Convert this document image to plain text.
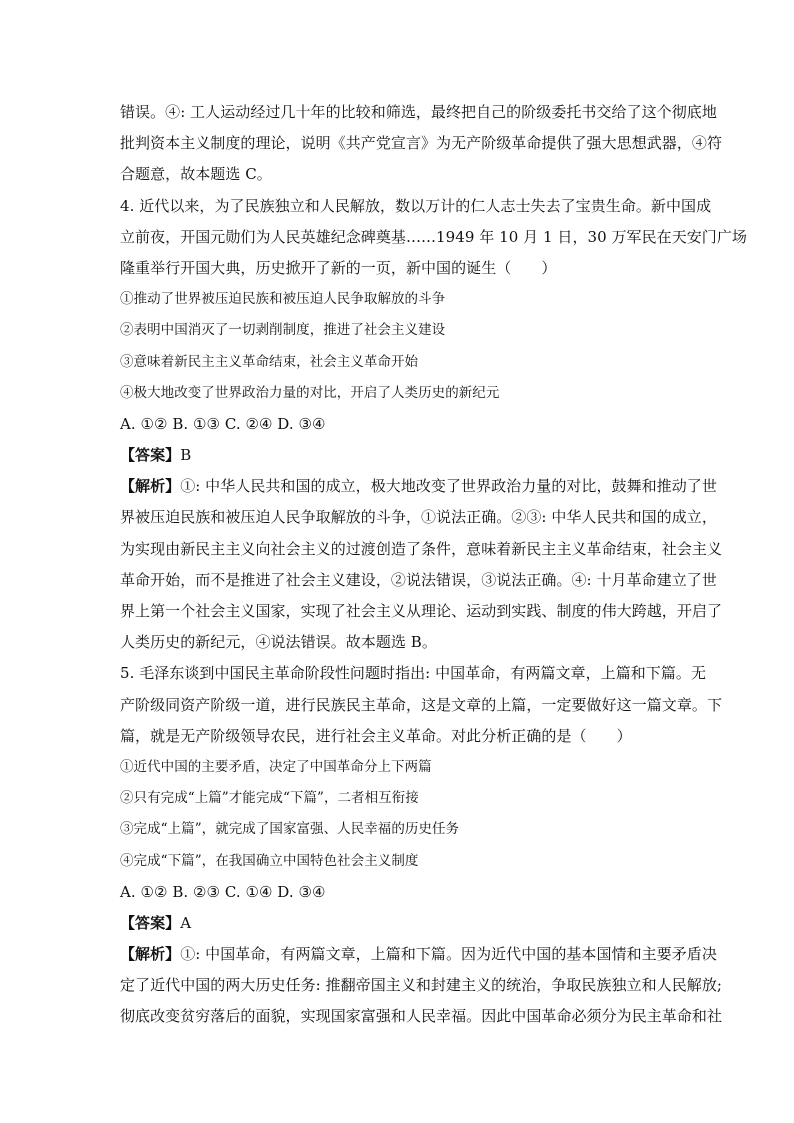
错误。④: 工人运动经过几十年的比较和筛选，最终把自己的阶级委托书交给了这个彻底地
批判资本主义制度的理论，说明《共产党宣言》为无产阶级革命提供了强大思想武器，④符
合题意，故本题选 C。
4. 近代以来，为了民族独立和人民解放，数以万计的仁人志士失去了宝贵生命。新中国成
立前夜，开国元勋们为人民英雄纪念碑奠基……1949 年 10 月 1 日，30 万军民在天安门广场
隆重举行开国大典，历史掀开了新的一页，新中国的诞生（　　）
①推动了世界被压迫民族和被压迫人民争取解放的斗争
②表明中国消灭了一切剥削制度，推进了社会主义建设
③意味着新民主主义革命结束，社会主义革命开始
④极大地改变了世界政治力量的对比，开启了人类历史的新纪元
A. ①② B. ①③ C. ②④ D. ③④
【答案】B
【解析】①: 中华人民共和国的成立，极大地改变了世界政治力量的对比，鼓舞和推动了世
界被压迫民族和被压迫人民争取解放的斗争，①说法正确。②③: 中华人民共和国的成立，
为实现由新民主主义向社会主义的过渡创造了条件，意味着新民主主义革命结束，社会主义
革命开始，而不是推进了社会主义建设，②说法错误，③说法正确。④: 十月革命建立了世
界上第一个社会主义国家，实现了社会主义从理论、运动到实践、制度的伟大跨越，开启了
人类历史的新纪元，④说法错误。故本题选 B。
5. 毛泽东谈到中国民主革命阶段性问题时指出: 中国革命，有两篇文章，上篇和下篇。无
产阶级同资产阶级一道，进行民族民主革命，这是文章的上篇，一定要做好这一篇文章。下
篇，就是无产阶级领导农民，进行社会主义革命。对此分析正确的是（　　）
①近代中国的主要矛盾，决定了中国革命分上下两篇
②只有完成“上篇”才能完成“下篇”，二者相互衔接
③完成“上篇”，就完成了国家富强、人民幸福的历史任务
④完成“下篇”，在我国确立中国特色社会主义制度
A. ①② B. ②③ C. ①④ D. ③④
【答案】A
【解析】①: 中国革命，有两篇文章，上篇和下篇。因为近代中国的基本国情和主要矛盾决
定了近代中国的两大历史任务: 推翻帝国主义和封建主义的统治，争取民族独立和人民解放;
彻底改变贫穷落后的面貌，实现国家富强和人民幸福。因此中国革命必须分为民主革命和社
